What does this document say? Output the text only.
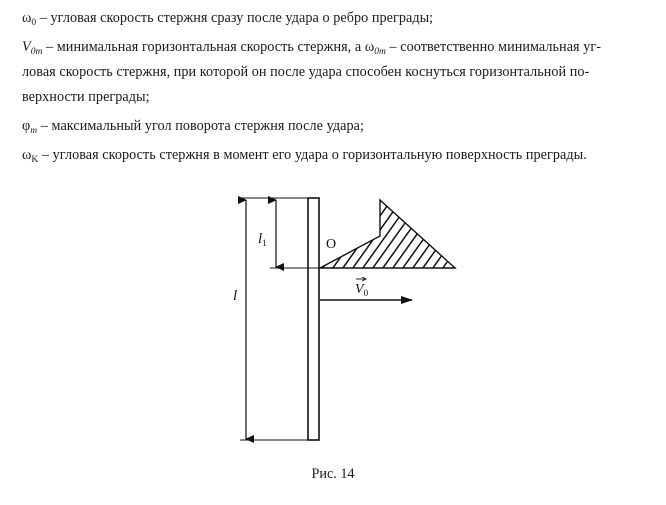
$\omega_0$ – угловая скорость стержня сразу после удара о ребро преграды;
$V_{0m}$ – минимальная горизонтальная скорость стержня, а $\omega_{0m}$ – соответственно минимальная уг-
ловая скорость стержня, при которой он после удара способен коснуться горизонтальной по-
верхности преграды;
$\varphi_m$ – максимальный угол поворота стержня после удара;
$\omega_K$ – угловая скорость стержня в момент его удара о горизонтальную поверхность преграды.
$l_1$
l
O
$V_0$
Рис. 14
